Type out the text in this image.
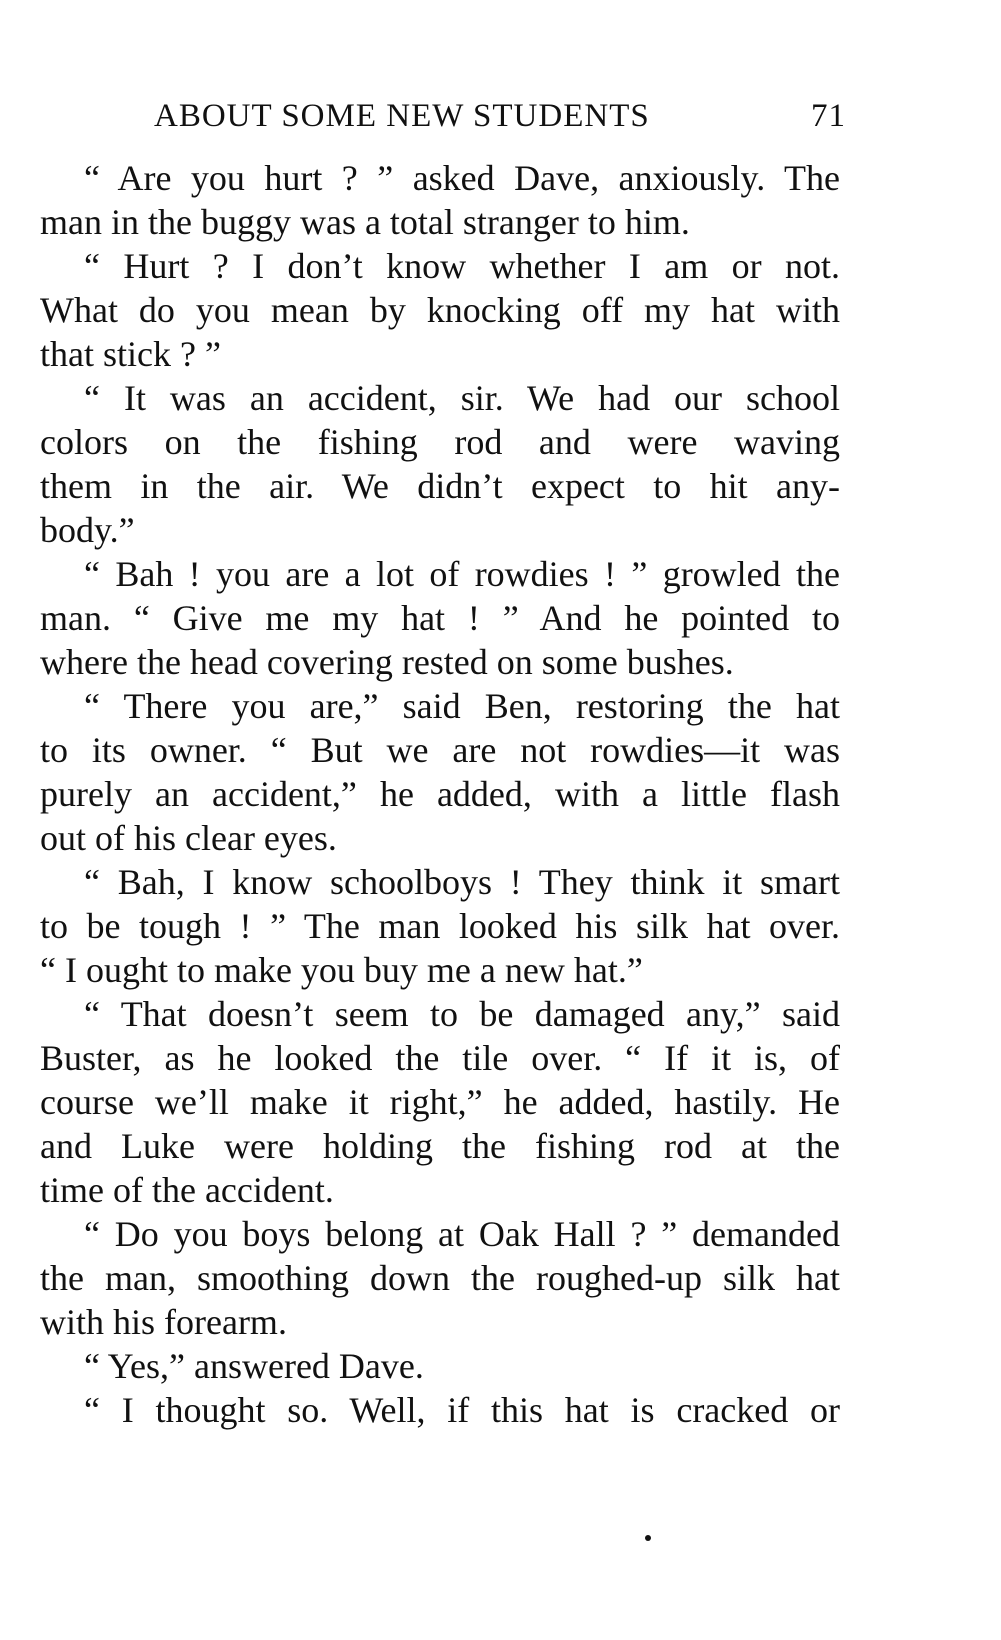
ABOUT SOME NEW STUDENTS	71
“ Are you hurt ? ” asked Dave, anxiously. The
man in the buggy was a total stranger to him.
“ Hurt ? I don’t know whether I am or not.
What do you mean by knocking off my hat with
that stick ? ”
“ It was an accident, sir. We had our school
colors on the fishing rod and were waving
them in the air. We didn’t expect to hit any-
body.”
“ Bah ! you are a lot of rowdies ! ” growled the
man. “ Give me my hat ! ” And he pointed to
where the head covering rested on some bushes.
“ There you are,” said Ben, restoring the hat
to its owner. “ But we are not rowdies—it was
purely an accident,” he added, with a little flash
out of his clear eyes.
“ Bah, I know schoolboys ! They think it smart
to be tough ! ” The man looked his silk hat over.
“ I ought to make you buy me a new hat.”
“ That doesn’t seem to be damaged any,” said
Buster, as he looked the tile over. “ If it is, of
course we’ll make it right,” he added, hastily. He
and Luke were holding the fishing rod at the
time of the accident.
“ Do you boys belong at Oak Hall ? ” demanded
the man, smoothing down the roughed-up silk hat
with his forearm.
“ Yes,” answered Dave.
“ I thought so. Well, if this hat is cracked or
